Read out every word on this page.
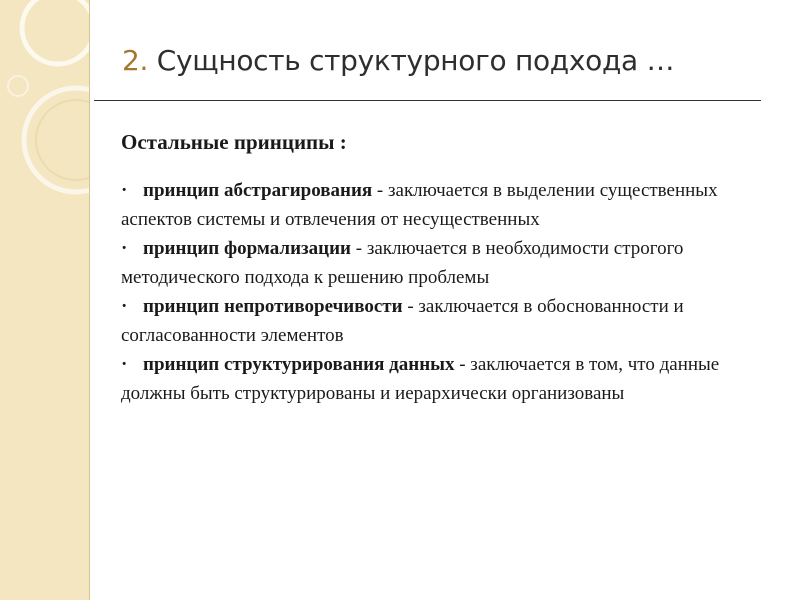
2. Сущность структурного подхода …

Остальные принципы :

· принцип абстрагирования - заключается в выделении существенных аспектов системы и отвлечения от несущественных

· принцип формализации - заключается в необходимости строгого методического подхода к решению проблемы

· принцип непротиворечивости - заключается в обоснованности и согласованности элементов

· принцип структурирования данных - заключается в том, что данные должны быть структурированы и иерархически организованы
